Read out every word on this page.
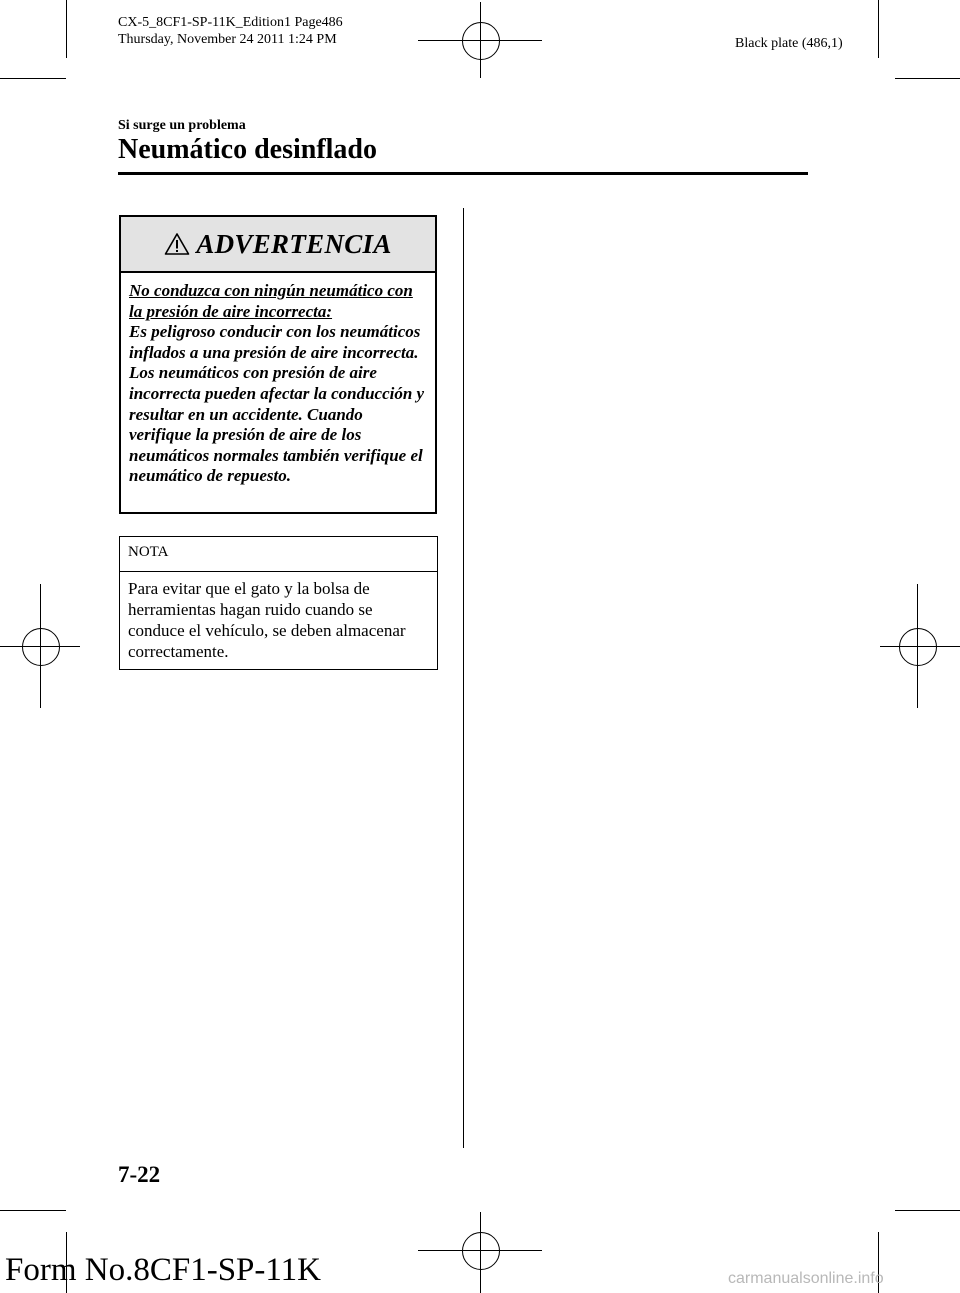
CX-5_8CF1-SP-11K_Edition1 Page486
Thursday, November 24 2011 1:24 PM	Black plate (486,1)
Si surge un problema
Neumático desinflado
ADVERTENCIA
No conduzca con ningún neumático con la presión de aire incorrecta:
Es peligroso conducir con los neumáticos inflados a una presión de aire incorrecta. Los neumáticos con presión de aire incorrecta pueden afectar la conducción y resultar en un accidente. Cuando verifique la presión de aire de los neumáticos normales también verifique el neumático de repuesto.
NOTA
Para evitar que el gato y la bolsa de herramientas hagan ruido cuando se conduce el vehículo, se deben almacenar correctamente.
7-22
Form No.8CF1-SP-11K	carmanualsonline.info
